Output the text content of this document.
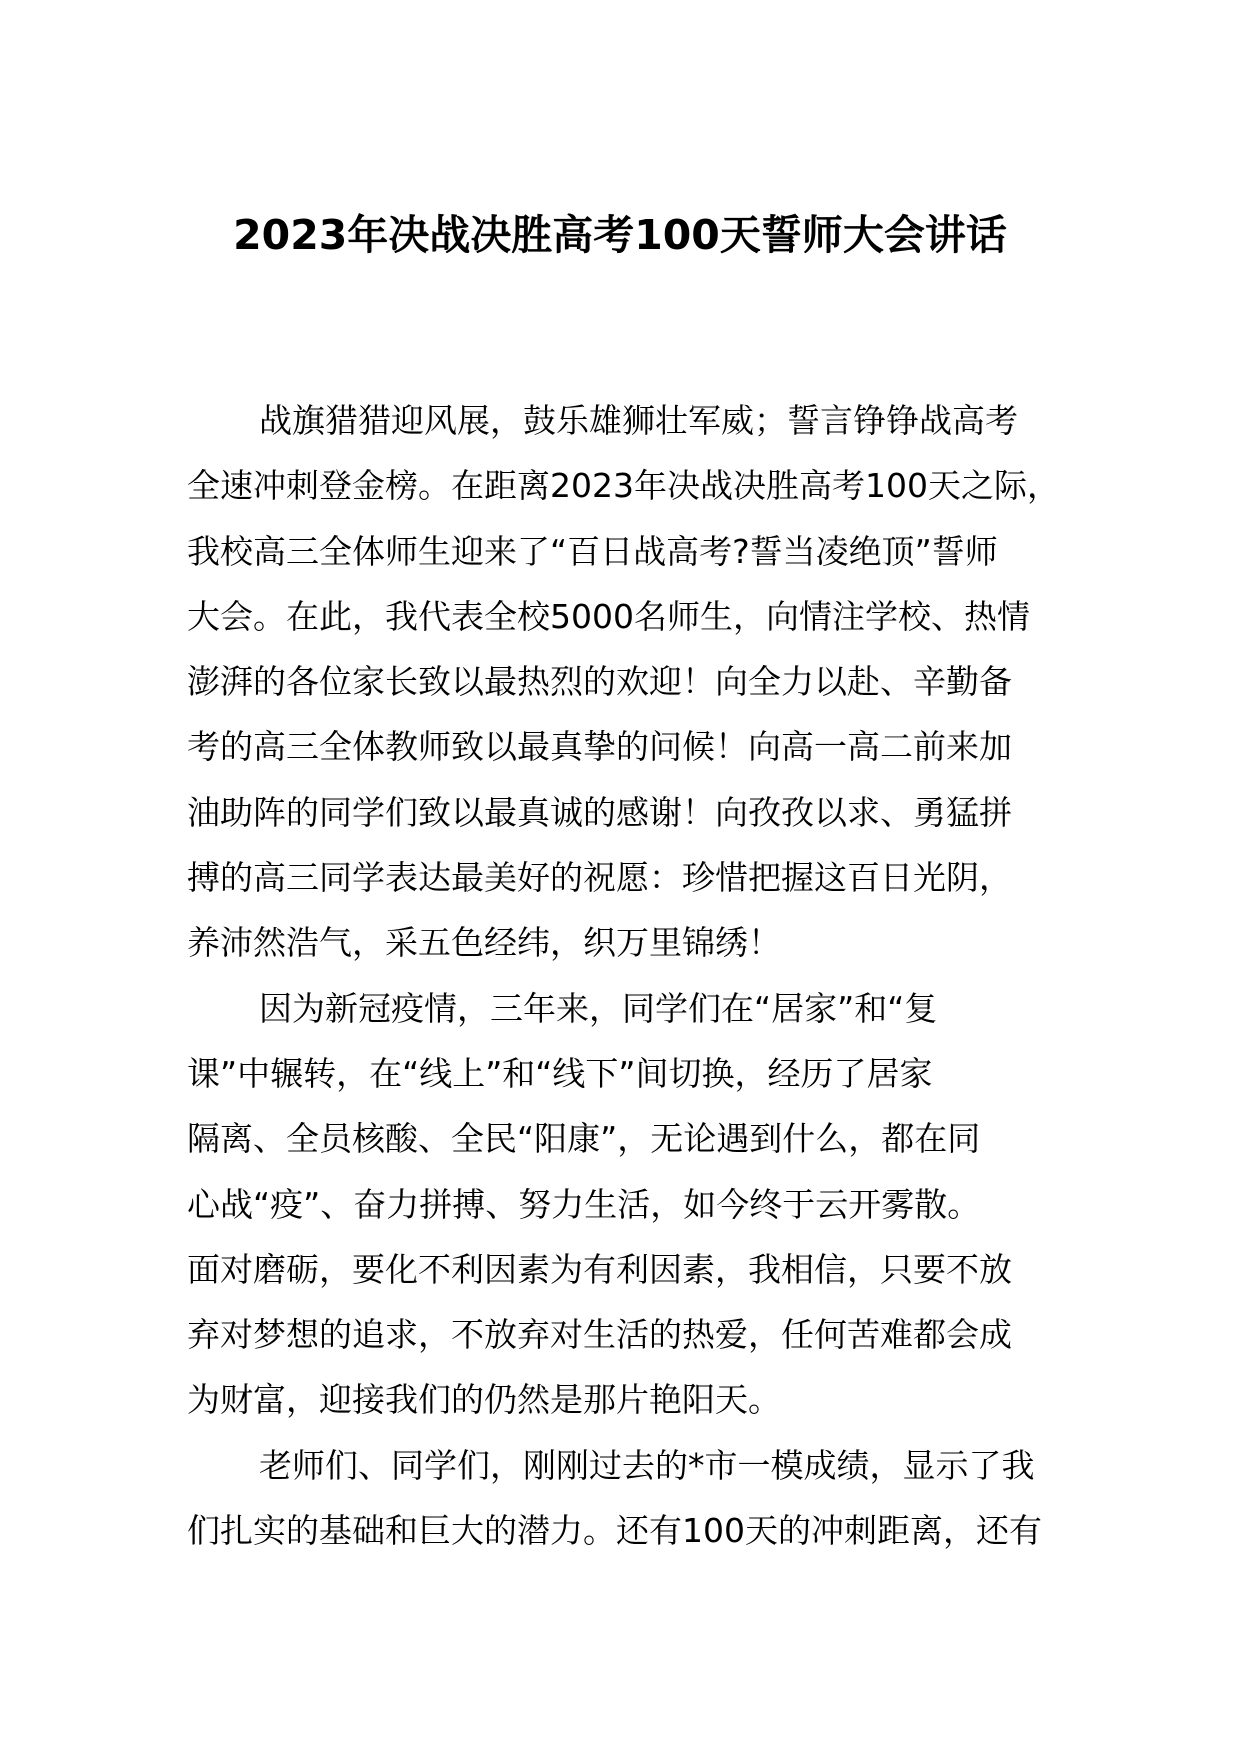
2023年决战决胜高考100天誓师大会讲话

战旗猎猎迎风展，鼓乐雄狮壮军威；誓言铮铮战高考
全速冲刺登金榜。在距离2023年决战决胜高考100天之际，
我校高三全体师生迎来了“百日战高考?誓当凌绝顶”誓师
大会。在此，我代表全校5000名师生，向情注学校、热情
澎湃的各位家长致以最热烈的欢迎！向全力以赴、辛勤备
考的高三全体教师致以最真挚的问候！向高一高二前来加
油助阵的同学们致以最真诚的感谢！向孜孜以求、勇猛拼
搏的高三同学表达最美好的祝愿：珍惜把握这百日光阴，
养沛然浩气，采五色经纬，织万里锦绣！

因为新冠疫情，三年来，同学们在“居家”和“复
课”中辗转，在“线上”和“线下”间切换，经历了居家
隔离、全员核酸、全民“阳康”，无论遇到什么，都在同
心战“疫”、奋力拼搏、努力生活，如今终于云开雾散。
面对磨砺，要化不利因素为有利因素，我相信，只要不放
弃对梦想的追求，不放弃对生活的热爱，任何苦难都会成
为财富，迎接我们的仍然是那片艳阳天。

老师们、同学们，刚刚过去的*市一模成绩，显示了我
们扎实的基础和巨大的潜力。还有100天的冲刺距离，还有
